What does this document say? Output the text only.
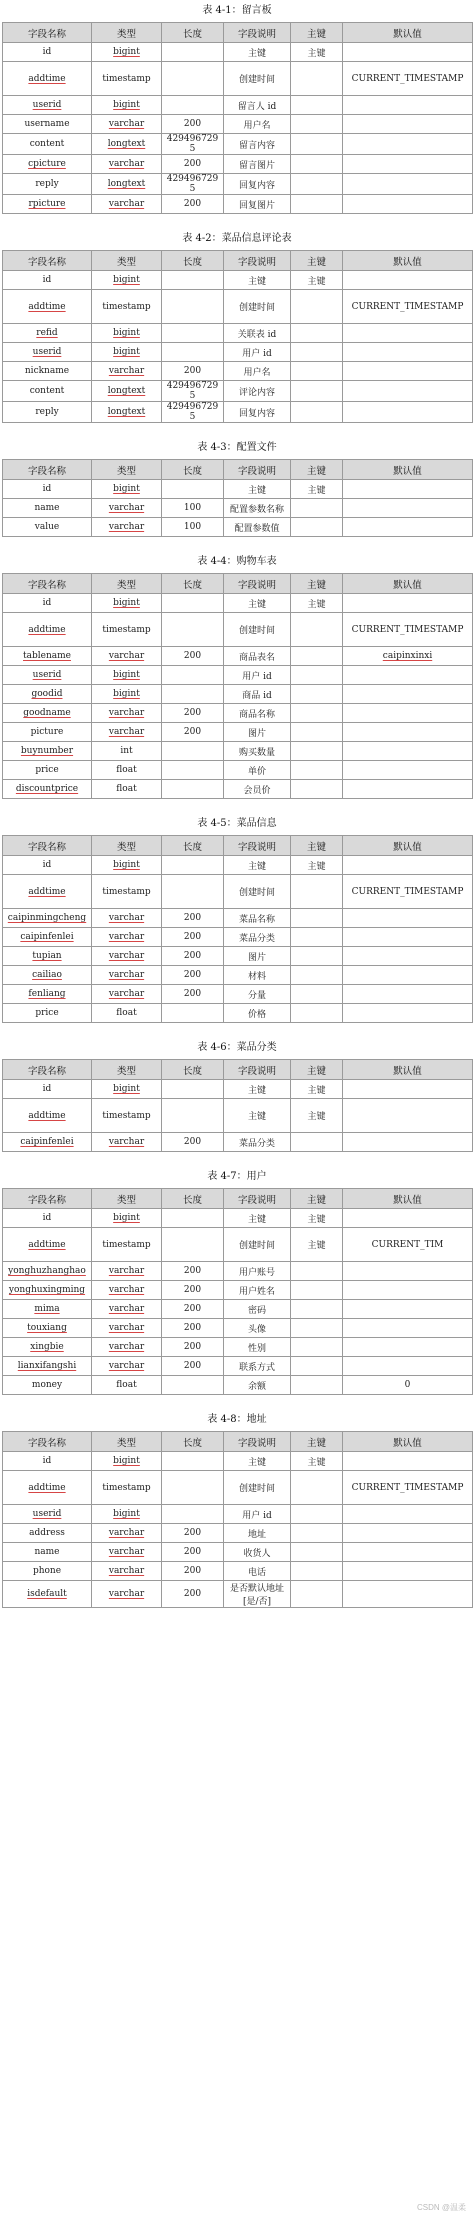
表 4-1：留言板
字段名称	类型	长度	字段说明	主键	默认值
id	bigint		主键	主键	
addtime	timestamp		创建时间		CURRENT_TIMESTAMP
userid	bigint		留言人 id		
username	varchar	200	用户名		
content	longtext	4294967295	留言内容		
cpicture	varchar	200	留言图片		
reply	longtext	4294967295	回复内容		
rpicture	varchar	200	回复图片		
表 4-2：菜品信息评论表
字段名称	类型	长度	字段说明	主键	默认值
id	bigint		主键	主键	
addtime	timestamp		创建时间		CURRENT_TIMESTAMP
refid	bigint		关联表 id		
userid	bigint		用户 id		
nickname	varchar	200	用户名		
content	longtext	4294967295	评论内容		
reply	longtext	4294967295	回复内容		
表 4-3：配置文件
字段名称	类型	长度	字段说明	主键	默认值
id	bigint		主键	主键	
name	varchar	100	配置参数名称		
value	varchar	100	配置参数值		
表 4-4：购物车表
字段名称	类型	长度	字段说明	主键	默认值
id	bigint		主键	主键	
addtime	timestamp		创建时间		CURRENT_TIMESTAMP
tablename	varchar	200	商品表名		caipinxinxi
userid	bigint		用户 id		
goodid	bigint		商品 id		
goodname	varchar	200	商品名称		
picture	varchar	200	图片		
buynumber	int		购买数量		
price	float		单价		
discountprice	float		会员价		
表 4-5：菜品信息
字段名称	类型	长度	字段说明	主键	默认值
id	bigint		主键	主键	
addtime	timestamp		创建时间		CURRENT_TIMESTAMP
caipinmingcheng	varchar	200	菜品名称		
caipinfenlei	varchar	200	菜品分类		
tupian	varchar	200	图片		
cailiao	varchar	200	材料		
fenliang	varchar	200	分量		
price	float		价格		
表 4-6：菜品分类
字段名称	类型	长度	字段说明	主键	默认值
id	bigint		主键	主键	
addtime	timestamp		主键	主键	
caipinfenlei	varchar	200	菜品分类		
表 4-7：用户
字段名称	类型	长度	字段说明	主键	默认值
id	bigint		主键	主键	
addtime	timestamp		创建时间	主键	CURRENT_TIM
yonghuzhanghao	varchar	200	用户账号		
yonghuxingming	varchar	200	用户姓名		
mima	varchar	200	密码		
touxiang	varchar	200	头像		
xingbie	varchar	200	性别		
lianxifangshi	varchar	200	联系方式		
money	float		余额		0
表 4-8：地址
字段名称	类型	长度	字段说明	主键	默认值
id	bigint		主键	主键	
addtime	timestamp		创建时间		CURRENT_TIMESTAMP
userid	bigint		用户 id		
address	varchar	200	地址		
name	varchar	200	收货人		
phone	varchar	200	电话		
isdefault	varchar	200	是否默认地址[是/否]		
CSDN @温柔
